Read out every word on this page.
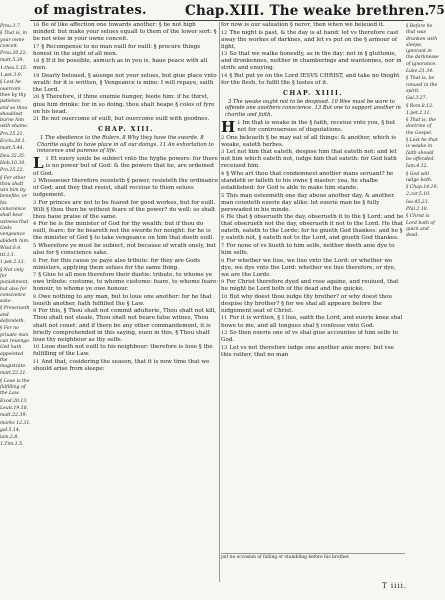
of magistrates.	Chap.XIII. The weake brethren.
75
Prou.3.7.
§ That is, in your owne conceit.
Prou.20.22.
matt.5.39.
1.thes.5.15.
1.pet.3.9.
§ Lest he ouercom thee by thy patience, and so thou shouldest burne him with shame.
Pro.25.21.
Ecclu.28.1.
matt.5.44.
Deu.32.35.
Heb.10.30.
Pro.25.22.
§ For other thou shalt win him by benefite, or his conscience shall bear witness that Gods vengeance abideth him.
Wisd.6.4.
tit.3.1.
1.pet.2.13.
§ Not only for punishment, but also for conscience sake.
§ Preserueth and defendeth.
§ For no priuate man can reuenge. God hath appointed the magistrate.
matt.22.21.
§ Loue is the fulfilling of the Law.
Exod.20.13.
Leuit.19.18.
matt.22.39.
marke 12.31.
gal.5.14.
iam.2.8.
1.Tim.1.5.
§ Before he that was drunken with sleepe, ignorant in the darknesse of ignorance.
Luke.21.34.
§ That is, be renued in the spirit.
Gal.3.27.
§ Rom.8.12.
1.pet.2.11.
§ That is, the doctrine of the Gospel.
§ Lest he that is weake in faith should be offended.
Iam.4.12.
§ God will iudge both.
§ Chap.14.10.
2.cor.5.10.
Isa.45.23.
Phil.2.10.
§ Christ is Lord both of quick and dead.
16 Be of like affection one towards another: § be not high minded: but make your selues equall to them of the lower sort: § be not wise in your owne conceit.
17 § Recompense to no man euill for euill: § procure things honest in the sight of all men.
18 § If it be possible, asmuch as in you is, haue peace with all men.
19 Dearly beloued, § auenge not your selues, but giue place vnto wrath: for it is written, § Vengeance is mine: I will repaye, saith the Lord.
20 § Therefore, if thine enemie hunger, feede him: if he thirst, giue him drinke: for in so doing, thou shalt heape § coles of fyre on his head.
21 Be not ouercome of euill, but ouercome euill with goodnes.
CHAP. XIII.
1 The obedience to the Rulers. 8 Why they have the sworde. 8 Charitie ought to have place in all our doings. 11 An exhortation to innocence and purenes of life.
L 1 Et euery soule be subiect vnto the hyghe powers: for there is no power but of God: & the powers that be, are ordeined of God.
2 Whosoeuer therefore resisteth § power, resisteth the ordinance of God: and they that resist, shall receiue to them selues iudgement.
3 For princes are not to be feared for good workes, but for euill. Wilt § thou then be without feare of the power? do well: so shalt thou haue praise of the same.
4 For he is the minister of God for thy wealth: but if thou do euill, feare: for he beareth not the sworde for nought: for he is the minister of God § to take vengeance on him that doeth euill.
5 Wherefore ye must be subiect, not because of wrath onely, but also for § conscience sake.
6 For, for this cause ye paye also tribute: for they are Gods ministers, applying them selues for the same thing.
7 § Giue to all men therefore their duetie: tribute, to whome ye owe tribute: custome, to whome custome: feare, to whome feare: honour, to whome ye owe honour.
8 Owe nothing to any man, but to loue one another: for he that loueth another, hath fulfilled the § Law.
9 For this, § Thou shalt not commit adulterie, Thou shalt not kill, Thou shalt not steale, Thou shalt not beare false witnes, Thou shalt not couet: and if there be any other commandement, it is briefly comprehended in this saying, euen in this, § Thou shalt loue thy neighbour as thy selfe.
10 Loue doeth not euill to his neighbour: therefore is loue § the fulfilling of the Law.
11 And that, cosidering the season, that it is now time that we should arise from sleepe:
for now is our saluation § nerer, then when we beleued it.
12 The night is past, & the day is at hand: let vs therefore cast away the workes of darknes, and let vs put on the § armour of light,
13 So that we walke honestly, as in the day: not in § gluttonie, and dronkennes, neither in chamberings and wantonnes, nor in strife and enuying.
14 § But put ye on the Lord IESVS CHRIST, and take no thoght for the flesh, to fulfil the § lustes of it.
CHAP. XIIII.
3 The weake ought not to be despised. 10 Wee must be ware to offende one anothers conscience. 13 But one to support another in charitie and faith.
H 1 Im that is weake in the § faith, receiue vnto you, § but not for controuersies of disputations.
2 One beleueth § he may eat of all things: & another, which is weake, eateth herbes.
3 Let not him that eateth, despise him that eateth not: and let not him which eateth not, iudge him that eateth: for God hath receiued him.
4 § Who art thou that condemnest another mans seruant? he standeth or falleth to his owne § master: yea, he shalbe established: for God is able to make him stande.
5 This man esteemeth one day aboue another day, & another man counteth euerie day alike: let euerie man be § fully perswaded in his minde.
6 He that § obserueth the day, obserueth it to the § Lord: and he that obserueth not the day, obserueth it not to the Lord. He that eateth, eateth to the Lorde: for he giueth God thankes: and he § y eateth not, § eateth not to the Lord, and giueth God thankes.
7 For none of vs liueth to him selfe, neither doeth anie dye to him selfe.
8 For whether we liue, we liue vnto the Lord: or whether we dye, we dye vnto the Lord: whether we liue therefore, or dye, we are the Lords.
9 For Christ therefore dyed and rose againe, and reuiued, that he might be Lord both of the dead and the quicke.
10 But why doest thou iudge thy brother? or why doest thou despise thy brother? § for we shal all appeare before the iudgement seat of Christ.
11 For it is written, § I liue, saith the Lord, and euerie knee shal bowe to me, and all tongues shal § confesse vnto God.
12 So then euerie one of vs shal giue accountes of him selfe to God.
13 Let vs not therefore iudge one another anie more: but vse this rather, that no man
put no occasion of falling or stumbling before his brother.
T iiii.
